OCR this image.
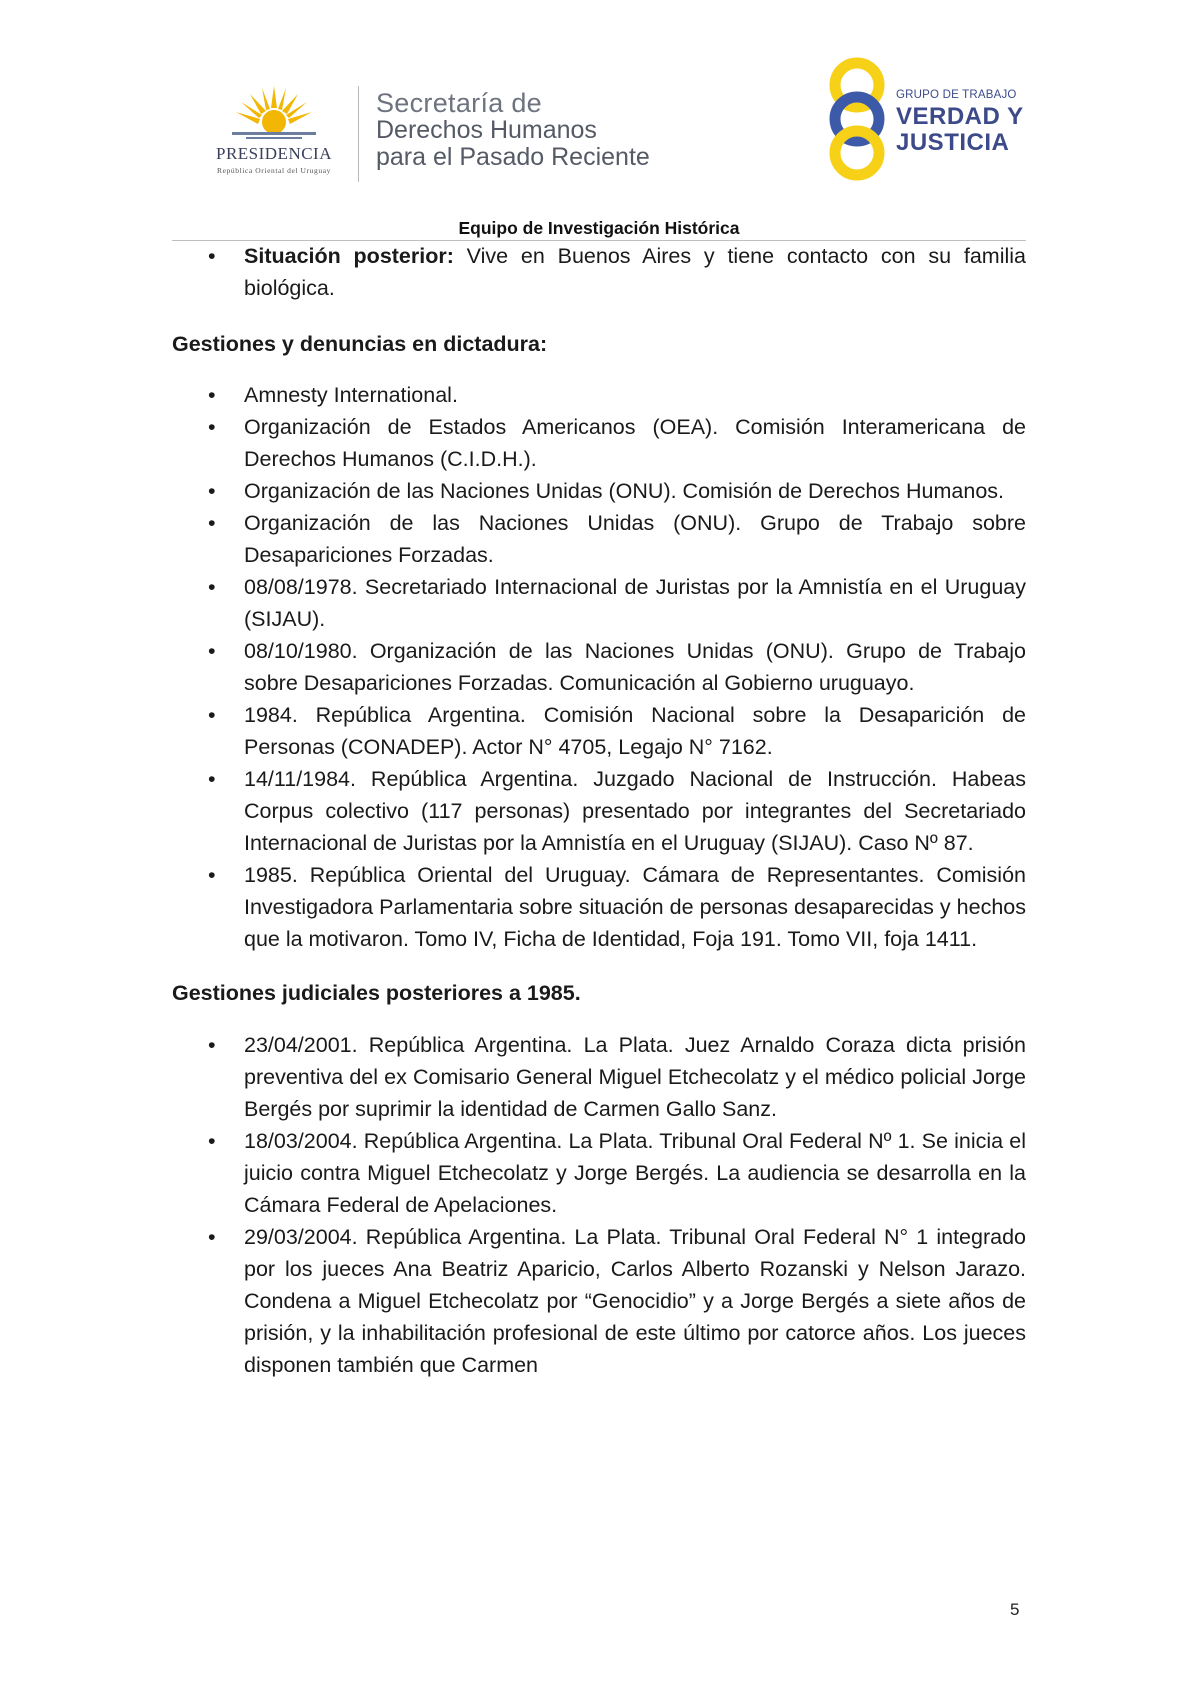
PRESIDENCIA
República Oriental del Uruguay
Secretaría de
Derechos Humanos
para el Pasado Reciente
GRUPO DE TRABAJO
VERDAD Y
JUSTICIA
Equipo de Investigación Histórica
• Situación posterior: Vive en Buenos Aires y tiene contacto con su familia biológica.

Gestiones y denuncias en dictadura:

• Amnesty International.
• Organización de Estados Americanos (OEA). Comisión Interamericana de Derechos Humanos (C.I.D.H.).
• Organización de las Naciones Unidas (ONU). Comisión de Derechos Humanos.
• Organización de las Naciones Unidas (ONU). Grupo de Trabajo sobre Desapariciones Forzadas.
• 08/08/1978. Secretariado Internacional de Juristas por la Amnistía en el Uruguay (SIJAU).
• 08/10/1980. Organización de las Naciones Unidas (ONU). Grupo de Trabajo sobre Desapariciones Forzadas. Comunicación al Gobierno uruguayo.
• 1984. República Argentina. Comisión Nacional sobre la Desaparición de Personas (CONADEP). Actor N° 4705, Legajo N° 7162.
• 14/11/1984. República Argentina. Juzgado Nacional de Instrucción. Habeas Corpus colectivo (117 personas) presentado por integrantes del Secretariado Internacional de Juristas por la Amnistía en el Uruguay (SIJAU). Caso Nº 87.
• 1985. República Oriental del Uruguay. Cámara de Representantes. Comisión Investigadora Parlamentaria sobre situación de personas desaparecidas y hechos que la motivaron. Tomo IV, Ficha de Identidad, Foja 191. Tomo VII, foja 1411.

Gestiones judiciales posteriores a 1985.

• 23/04/2001. República Argentina. La Plata. Juez Arnaldo Coraza dicta prisión preventiva del ex Comisario General Miguel Etchecolatz y el médico policial Jorge Bergés por suprimir la identidad de Carmen Gallo Sanz.
• 18/03/2004. República Argentina. La Plata. Tribunal Oral Federal Nº 1. Se inicia el juicio contra Miguel Etchecolatz y Jorge Bergés. La audiencia se desarrolla en la Cámara Federal de Apelaciones.
• 29/03/2004. República Argentina. La Plata. Tribunal Oral Federal N° 1 integrado por los jueces Ana Beatriz Aparicio, Carlos Alberto Rozanski y Nelson Jarazo. Condena a Miguel Etchecolatz por “Genocidio” y a Jorge Bergés a siete años de prisión, y la inhabilitación profesional de este último por catorce años. Los jueces disponen también que Carmen
5
